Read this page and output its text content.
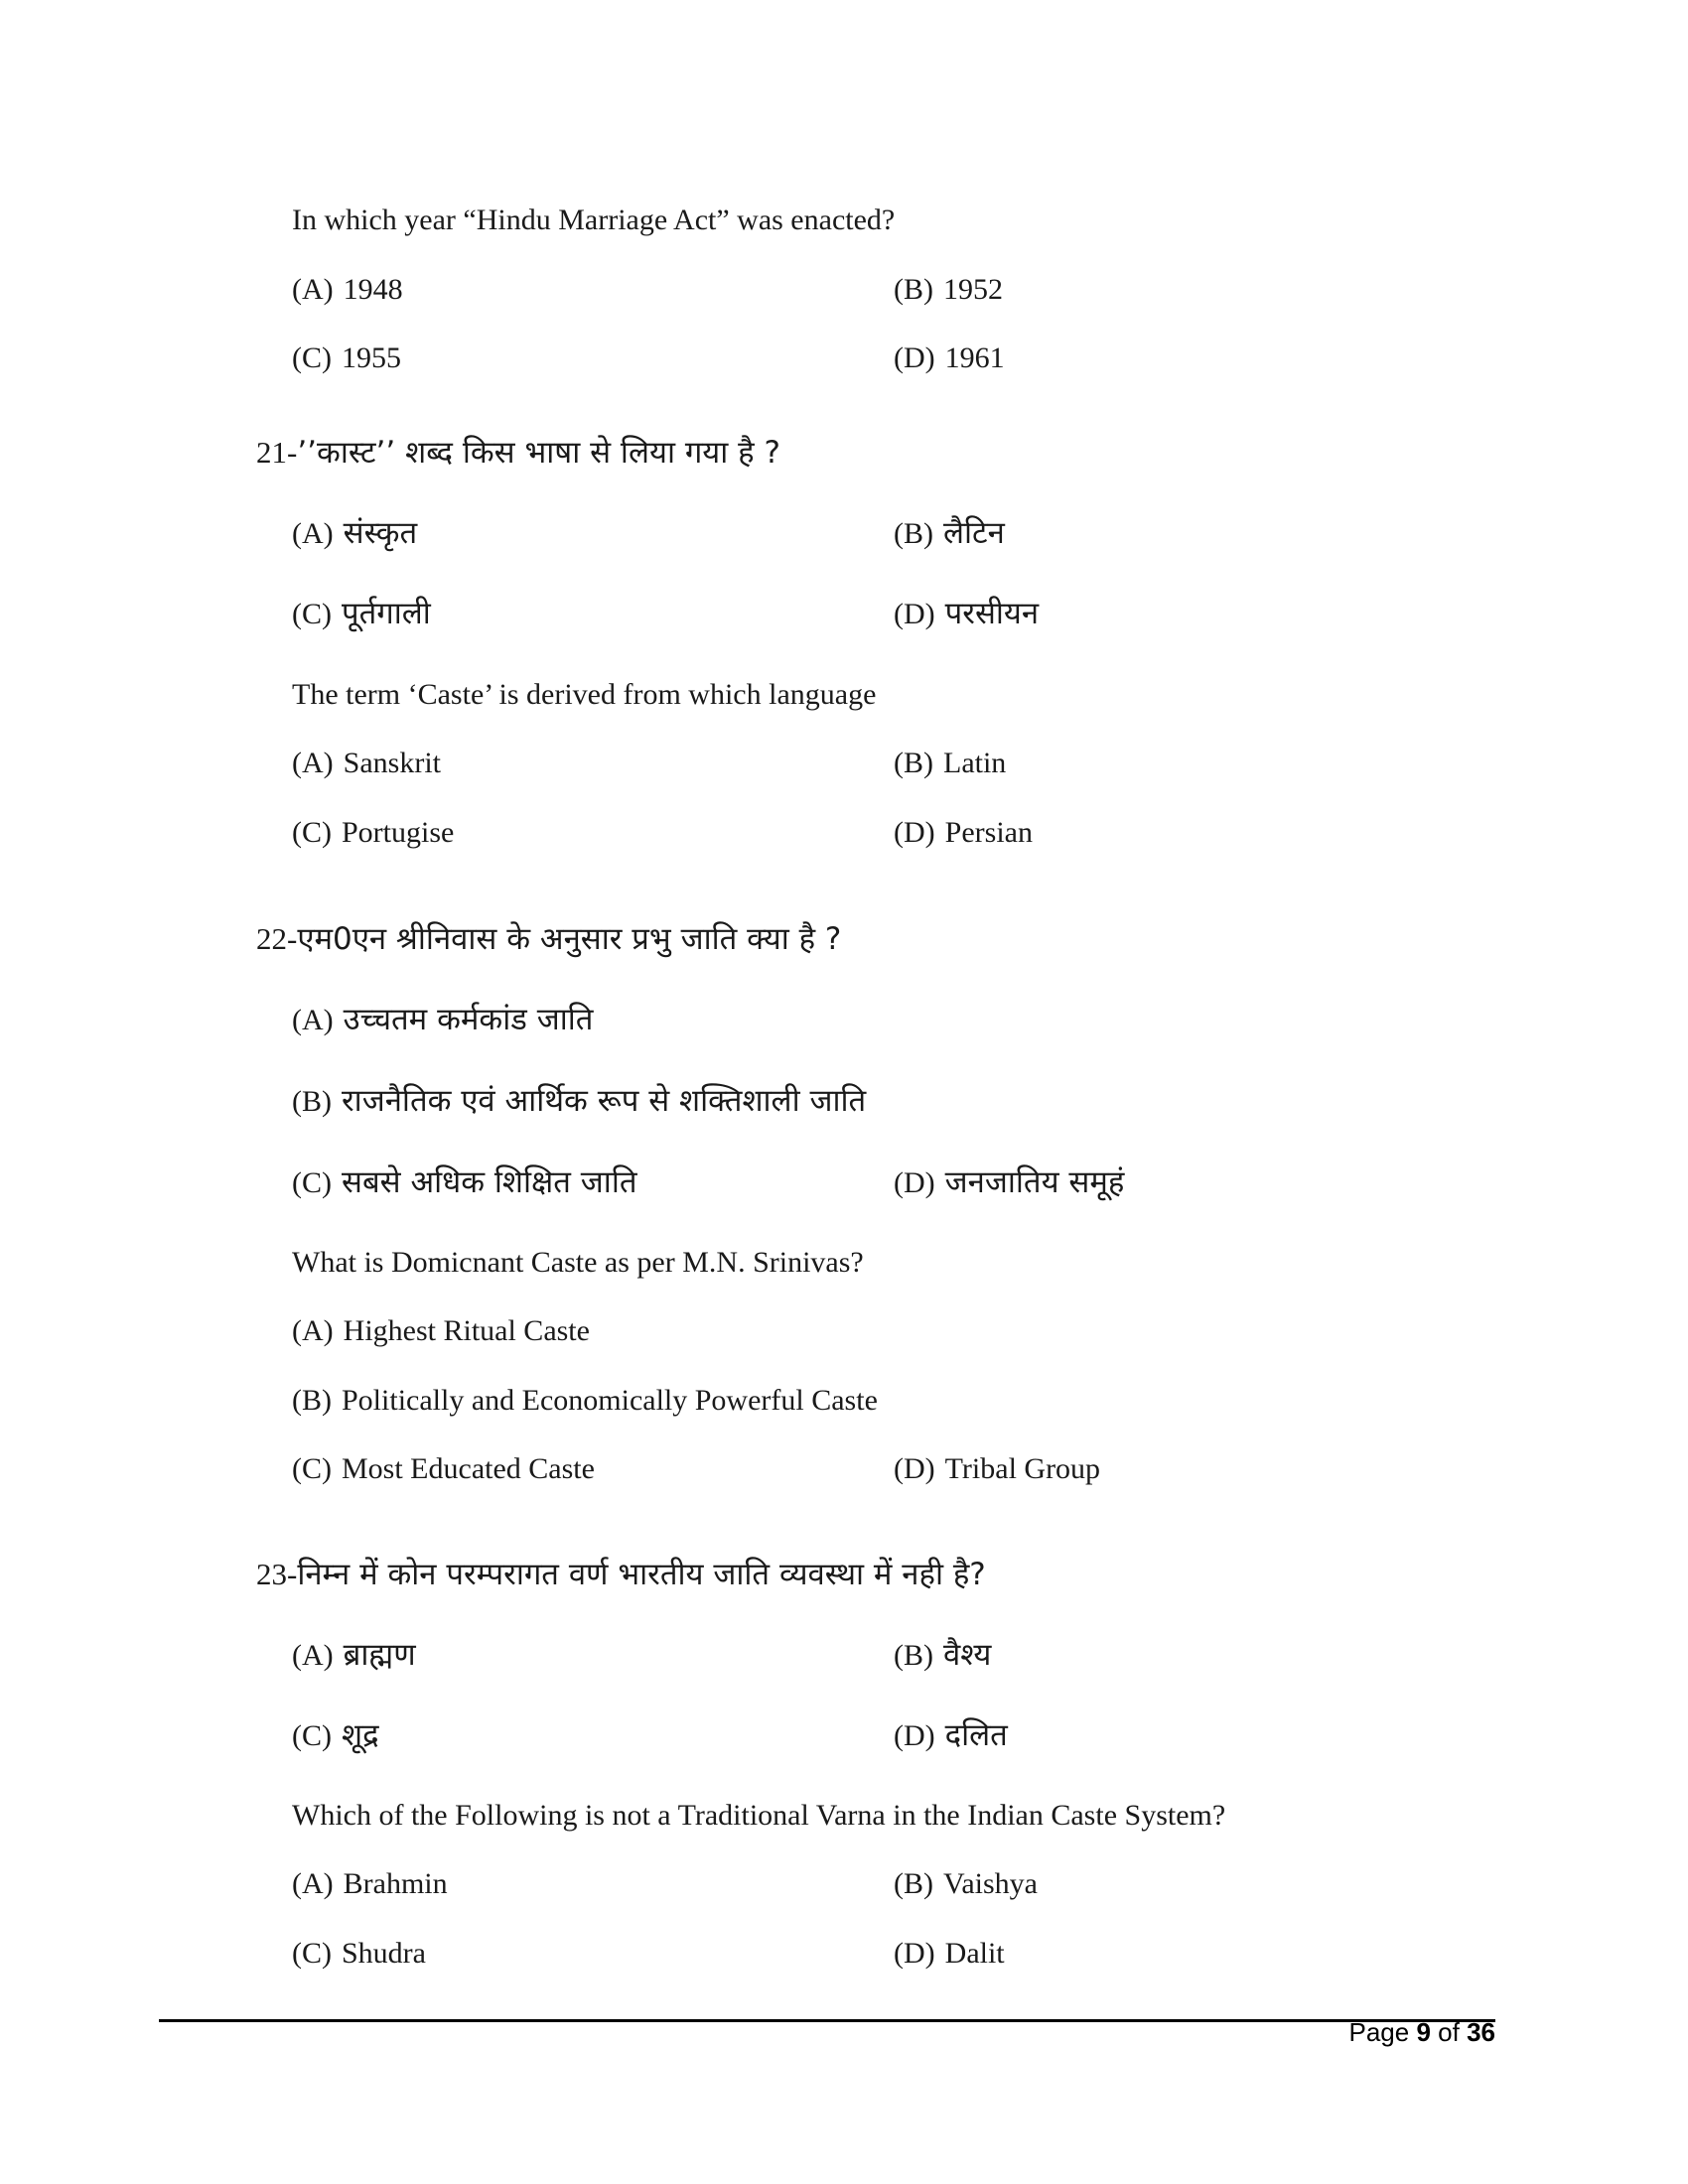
In which year “Hindu Marriage Act” was enacted?
(A) 1948	(B) 1952
(C) 1955	(D) 1961
21-’’कास्ट’’ शब्द किस भाषा से लिया गया है ?
(A) संस्कृत	(B) लैटिन
(C) पूर्तगाली	(D) परसीयन
The term ‘Caste’ is derived from which language
(A) Sanskrit	(B) Latin
(C) Portugise	(D) Persian
22-एम0एन श्रीनिवास के अनुसार प्रभु जाति क्या है ?
(A) उच्चतम कर्मकांड जाति
(B) राजनैतिक एवं आर्थिक रूप से शक्तिशाली जाति
(C) सबसे अधिक शिक्षित जाति	(D) जनजातिय समूहं
What is Domicnant Caste as per M.N. Srinivas?
(A) Highest Ritual Caste
(B) Politically and Economically Powerful Caste
(C) Most Educated Caste	(D) Tribal Group
23-निम्न में कोन परम्परागत वर्ण भारतीय जाति व्यवस्था में नही है?
(A) ब्राह्मण	(B) वैश्य
(C) शूद्र	(D) दलित
Which of the Following is not a Traditional Varna in the Indian Caste System?
(A) Brahmin	(B) Vaishya
(C) Shudra	(D) Dalit
Page 9 of 36
